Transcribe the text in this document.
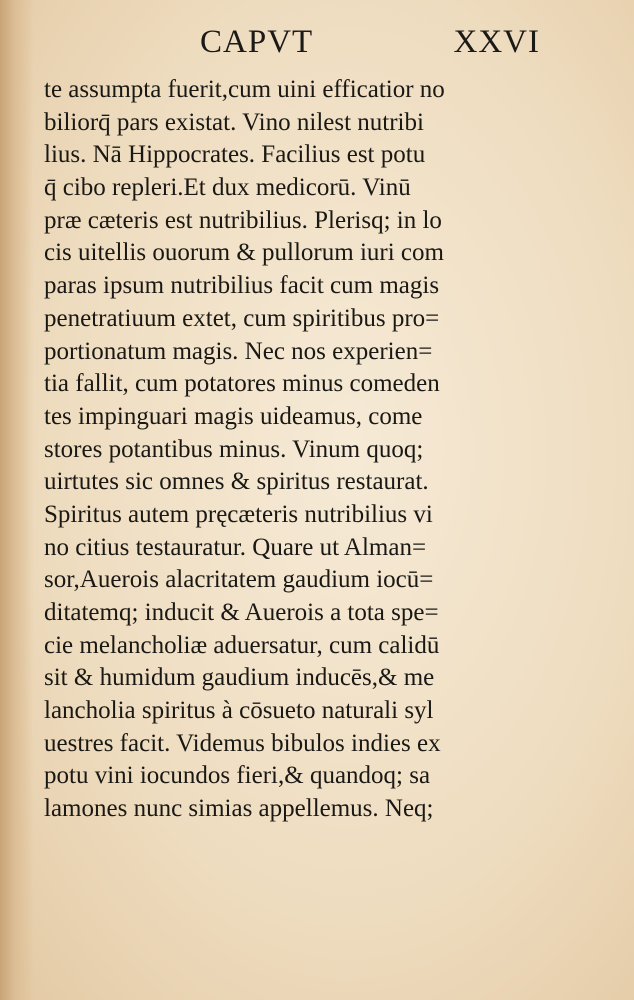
CAPVT	XXVI
te assumpta fuerit,cum uini efficatior no
biliorq̄ pars existat. Vino nilest nutribi
lius. Nā Hippocrates. Facilius est potu
q̄ cibo repleri.Et dux medicorū. Vinū
præ cæteris est nutribilius. Plerisq; in lo
cis uitellis ouorum & pullorum iuri com
paras ipsum nutribilius facit cum magis
penetratiuum extet, cum spiritibus pro=
portionatum magis. Nec nos experien=
tia fallit, cum potatores minus comeden
tes impinguari magis uideamus, come
stores potantibus minus. Vinum quoq;
uirtutes sic omnes & spiritus restaurat.
Spiritus autem pręcæteris nutribilius vi
no citius testauratur. Quare ut Alman=
sor,Auerois alacritatem gaudium iocū=
ditatemq; inducit & Auerois a tota spe=
cie melancholiæ aduersatur, cum calidū
sit & humidum gaudium inducēs,& me
lancholia spiritus à cōsueto naturali syl
uestres facit. Videmus bibulos indies ex
potu vini iocundos fieri,& quandoq; sa
lamones nunc simias appellemus. Neq;
